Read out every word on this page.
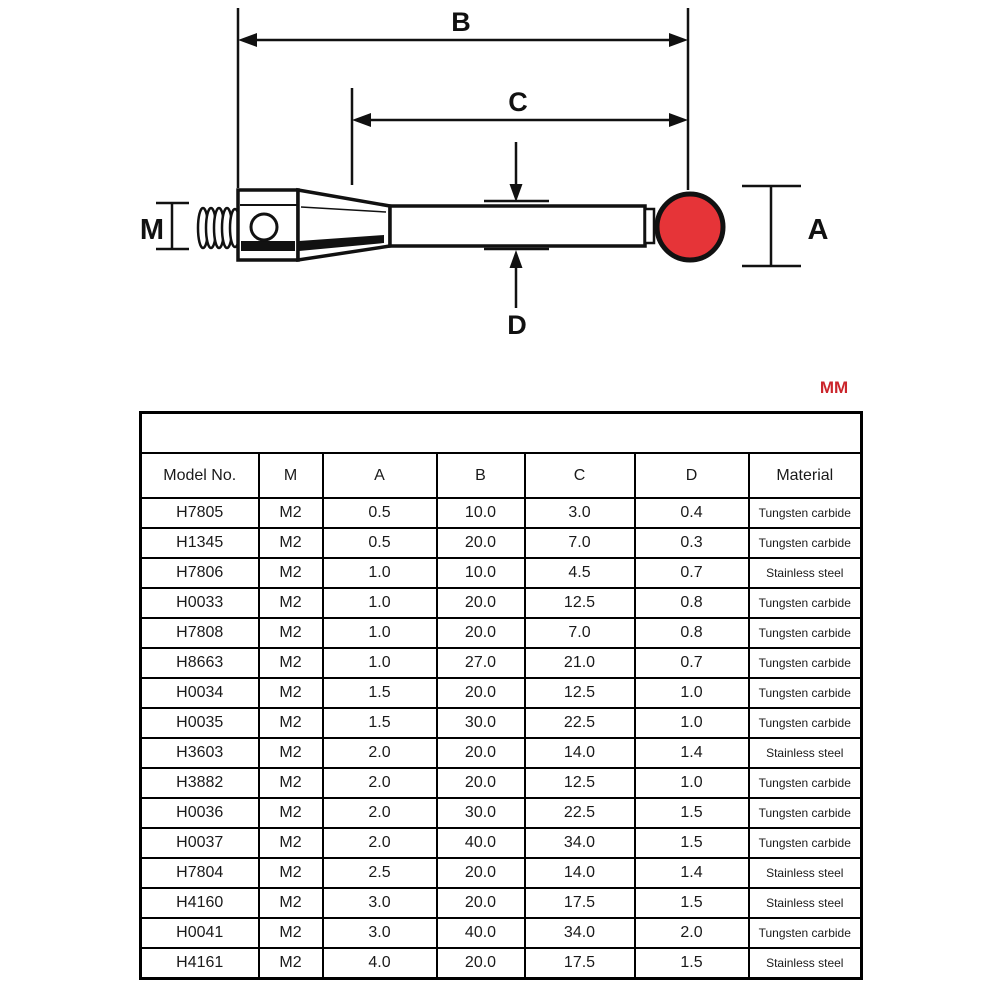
B
C
M
D
A
MM

Model No.	M	A	B	C	D	Material
H7805	M2	0.5	10.0	3.0	0.4	Tungsten carbide
H1345	M2	0.5	20.0	7.0	0.3	Tungsten carbide
H7806	M2	1.0	10.0	4.5	0.7	Stainless steel
H0033	M2	1.0	20.0	12.5	0.8	Tungsten carbide
H7808	M2	1.0	20.0	7.0	0.8	Tungsten carbide
H8663	M2	1.0	27.0	21.0	0.7	Tungsten carbide
H0034	M2	1.5	20.0	12.5	1.0	Tungsten carbide
H0035	M2	1.5	30.0	22.5	1.0	Tungsten carbide
H3603	M2	2.0	20.0	14.0	1.4	Stainless steel
H3882	M2	2.0	20.0	12.5	1.0	Tungsten carbide
H0036	M2	2.0	30.0	22.5	1.5	Tungsten carbide
H0037	M2	2.0	40.0	34.0	1.5	Tungsten carbide
H7804	M2	2.5	20.0	14.0	1.4	Stainless steel
H4160	M2	3.0	20.0	17.5	1.5	Stainless steel
H0041	M2	3.0	40.0	34.0	2.0	Tungsten carbide
H4161	M2	4.0	20.0	17.5	1.5	Stainless steel
